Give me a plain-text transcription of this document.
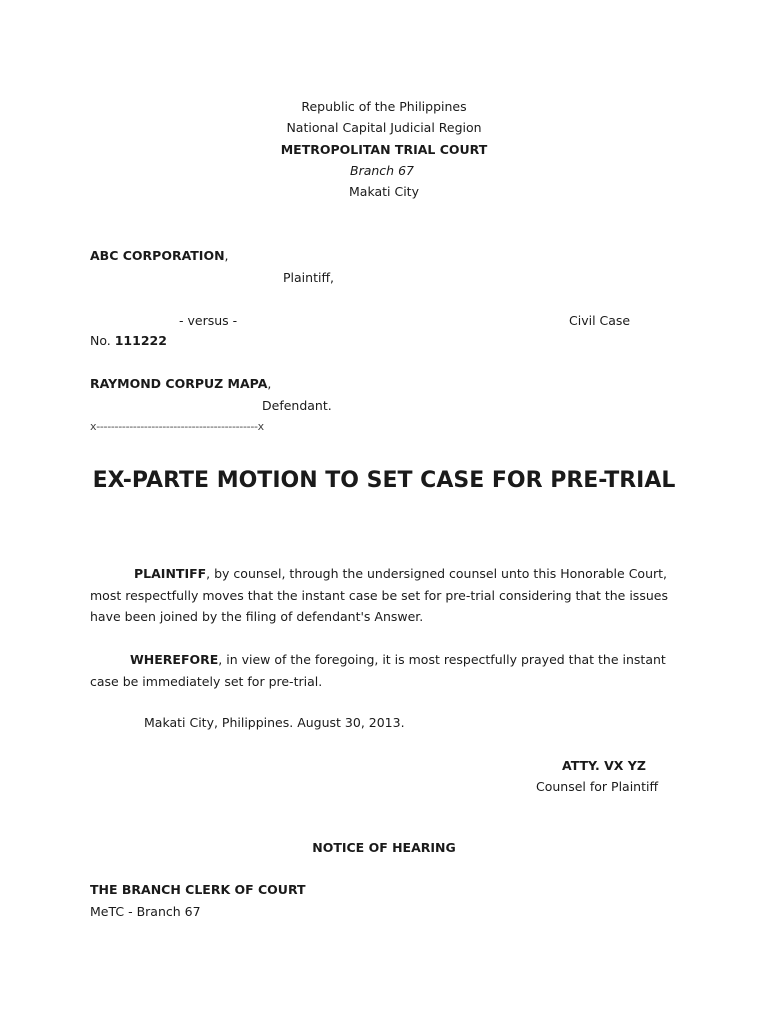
Republic of the Philippines
National Capital Judicial Region
METROPOLITAN TRIAL COURT
Branch 67
Makati City
ABC CORPORATION,
Plaintiff,
- versus -	Civil Case
No. 111222
RAYMOND CORPUZ MAPA,
Defendant.
x--------------------------------------------x
EX-PARTE MOTION TO SET CASE FOR PRE-TRIAL
PLAINTIFF, by counsel, through the undersigned counsel unto this Honorable Court, most respectfully moves that the instant case be set for pre-trial considering that the issues have been joined by the filing of defendant's Answer.
WHEREFORE, in view of the foregoing, it is most respectfully prayed that the instant case be immediately set for pre-trial.
Makati City, Philippines. August 30, 2013.
ATTY. VX YZ
Counsel for Plaintiff
NOTICE OF HEARING
THE BRANCH CLERK OF COURT
MeTC - Branch 67
